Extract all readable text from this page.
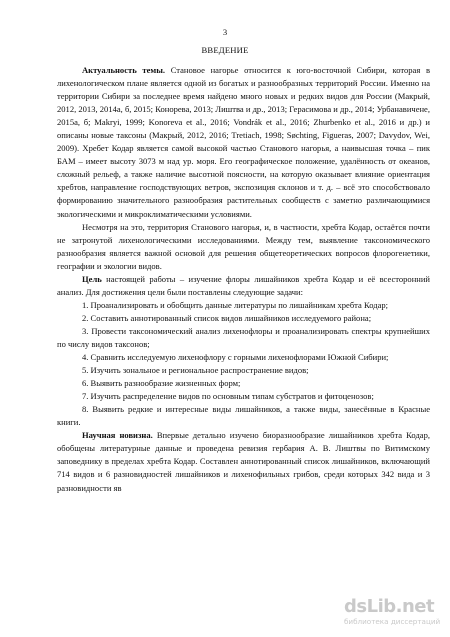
3
ВВЕДЕНИЕ

Актуальность темы. Становое нагорье относится к юго-восточной Сибири, которая в лихенологическом плане является одной из богатых и разнообразных территорий России. Именно на территории Сибири за последнее время найдено много новых и редких видов для России (Макрый, 2012, 2013, 2014а, б, 2015; Конорева, 2013; Лиштва и др., 2013; Герасимова и др., 2014; Урбанавичене, 2015а, б; Makryi, 1999; Konoreva et al., 2016; Vondrák et al., 2016; Zhurbenko et al., 2016 и др.) и описаны новые таксоны (Макрый, 2012, 2016; Tretiach, 1998; Søchting, Figueras, 2007; Davydov, Wei, 2009). Хребет Кодар является самой высокой частью Станового нагорья, а наивысшая точка – пик БАМ – имеет высоту 3073 м над ур. моря. Его географическое положение, удалённость от океанов, сложный рельеф, а также наличие высотной поясности, на которую оказывает влияние ориентация хребтов, направление господствующих ветров, экспозиция склонов и т. д. – всё это способствовало формированию значительного разнообразия растительных сообществ с заметно различающимися экологическими и микроклиматическими условиями.

Несмотря на это, территория Станового нагорья, и, в частности, хребта Кодар, остаётся почти не затронутой лихенологическими исследованиями. Между тем, выявление таксономического разнообразия является важной основой для решения общетеоретических вопросов флорогенетики, географии и экологии видов.

Цель настоящей работы – изучение флоры лишайников хребта Кодар и её всесторонний анализ. Для достижения цели были поставлены следующие задачи:

1. Проанализировать и обобщить данные литературы по лишайникам хребта Кодар;

2. Составить аннотированный список видов лишайников исследуемого района;

3. Провести таксономический анализ лихенофлоры и проанализировать спектры крупнейших по числу видов таксонов;

4. Сравнить исследуемую лихенофлору с горными лихенофлорами Южной Сибири;

5. Изучить зональное и региональное распространение видов;

6. Выявить разнообразие жизненных форм;

7. Изучить распределение видов по основным типам субстратов и фитоценозов;

8. Выявить редкие и интересные виды лишайников, а также виды, занесённые в Красные книги.

Научная новизна. Впервые детально изучено биоразнообразие лишайников хребта Кодар, обобщены литературные данные и проведена ревизия гербария А. В. Лиштвы по Витимскому заповеднику в пределах хребта Кодар. Составлен аннотированный список лишайников, включающий 714 видов и 6 разновидностей лишайников и лихенофильных грибов, среди которых 342 вида и 3 разновидности яв

dsLib.net
библиотека диссертаций
